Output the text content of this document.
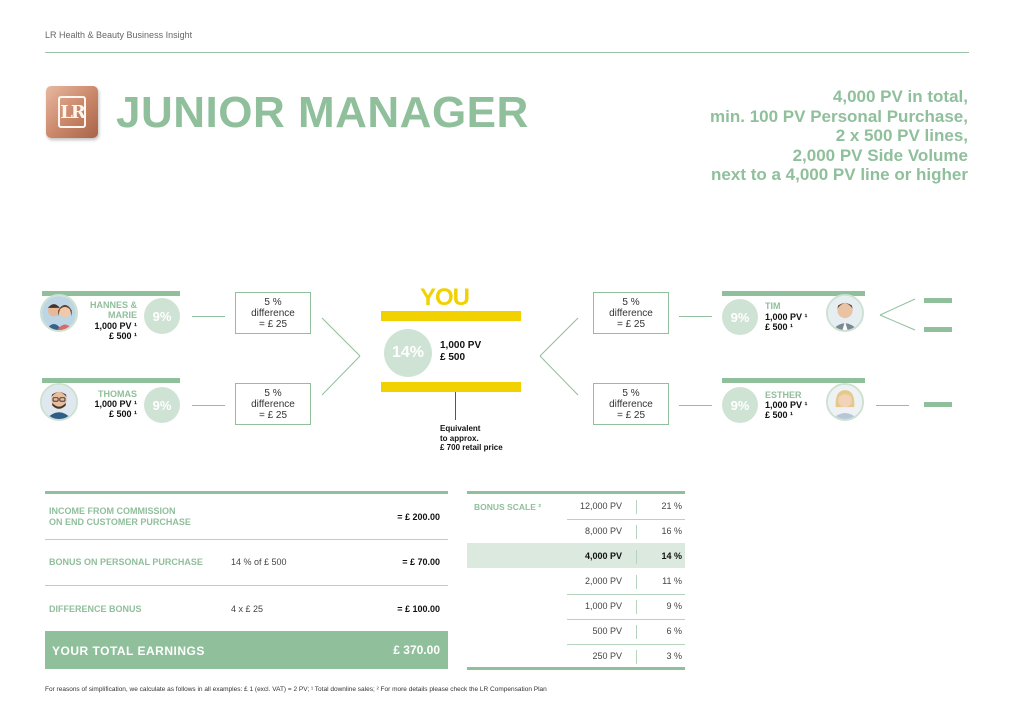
LR Health & Beauty Business Insight
LR JUNIOR MANAGER	4,000 PV in total,
min. 100 PV Personal Purchase,
2 x 500 PV lines,
2,000 PV Side Volume
next to a 4,000 PV line or higher
HANNES &
MARIE
1,000 PV ¹
£ 500 ¹
9%
5 %
difference
= £ 25
THOMAS
1,000 PV ¹
£ 500 ¹
9%
5 %
difference
= £ 25
YOU
14%	1,000 PV
£ 500
Equivalent
to approx.
£ 700 retail price
5 %
difference
= £ 25	9%
TIM
1,000 PV ¹
£ 500 ¹
5 %
difference
= £ 25
9%
ESTHER
1,000 PV ¹
£ 500 ¹
INCOME FROM COMMISSION
ON END CUSTOMER PURCHASE	= £ 200.00
BONUS ON PERSONAL PURCHASE	14 % of £ 500	= £ 70.00
DIFFERENCE BONUS	4 x £ 25	= £ 100.00
YOUR TOTAL EARNINGS	£ 370.00
BONUS SCALE ²	12,000 PV	21 %
8,000 PV	16 %
4,000 PV	14 %
2,000 PV	11 %
1,000 PV	9 %
500 PV	6 %
250 PV	3 %
For reasons of simplification, we calculate as follows in all examples: £ 1 (excl. VAT) = 2 PV; ¹ Total downline sales; ² For more details please check the LR Compensation Plan
